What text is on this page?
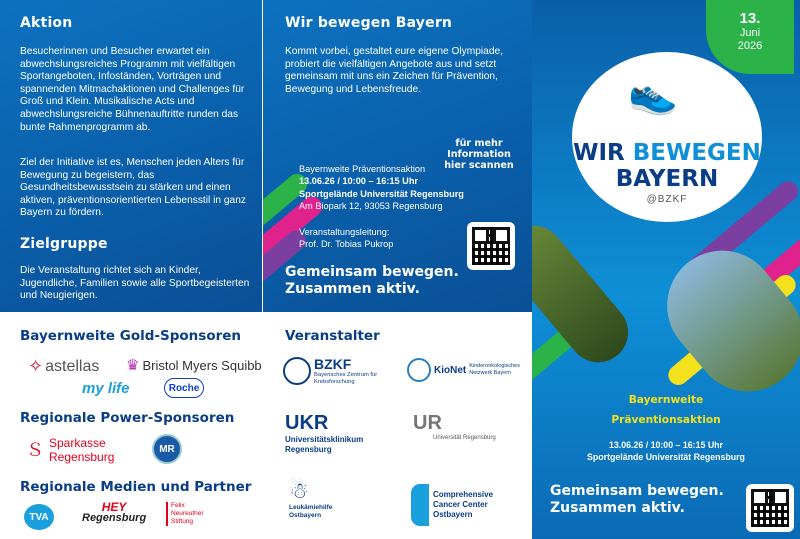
Aktion

Besucherinnen und Besucher erwartet ein abwechslungsreiches Programm mit vielfältigen Sportangeboten, Infoständen, Vorträgen und spannenden Mitmachaktionen und Challenges für Groß und Klein. Musikalische Acts und abwechslungsreiche Bühnenauftritte runden das bunte Rahmenprogramm ab.

Ziel der Initiative ist es, Menschen jeden Alters für Bewegung zu begeistern, das Gesundheitsbewusstsein zu stärken und einen aktiven, präventionsorientierten Lebensstil in ganz Bayern zu fördern.

Zielgruppe

Die Veranstaltung richtet sich an Kinder, Jugendliche, Familien sowie alle Sportbegeisterten und Neugierigen.

Bayernweite Gold-Sponsoren
✧ astellas ♛ Bristol Myers Squibb
my life	Roche
Regionale Power-Sponsoren
Ｓ Sparkasse
Regensburg
MR
Regionale Medien und Partner
TVA
HEY
Regensburg
Felix
Neureuther
Stiftung
Wir bewegen Bayern

Kommt vorbei, gestaltet eure eigene Olympiade, probiert die vielfältigen Angebote aus und setzt gemeinsam mit uns ein Zeichen für Prävention, Bewegung und Lebensfreude.

für mehr Information hier scannen
Bayernweite Präventionsaktion
13.06.26 / 10:00 – 16:15 Uhr
Sportgelände Universität Regensburg
Am Biopark 12, 93053 Regensburg
Veranstaltungsleitung:
Prof. Dr. Tobias Pukrop
Gemeinsam bewegen.
Zusammen aktiv.
Veranstalter
BZKF
Bayerisches Zentrum für Krebsforschung
KioNet Kinderonkologisches Netzwerk Bayern
UKR
Universitätsklinikum Regensburg
UR
Universität Regensburg
☃
Leukämiehilfe Ostbayern
Comprehensive Cancer Center Ostbayern
13.
Juni
2026
👟
WIR BEWEGEN
BAYERN
@BZKF
Bayernweite
Präventionsaktion
13.06.26 / 10:00 – 16:15 Uhr
Sportgelände Universität Regensburg
Gemeinsam bewegen.
Zusammen aktiv.
